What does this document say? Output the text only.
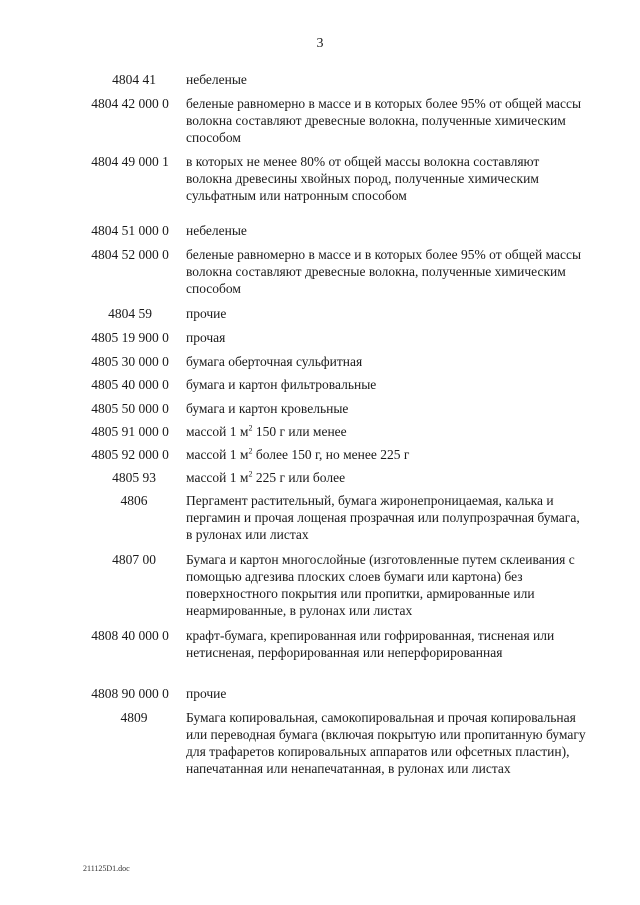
3
4804 41	небеленые
4804 42 000 0	беленые равномерно в массе и в которых более 95% от общей массы волокна составляют древесные волокна, полученные химическим способом
4804 49 000 1	в которых не менее 80% от общей массы волокна составляют волокна древесины хвойных пород, полученные химическим сульфатным или натронным способом
4804 51 000 0	небеленые
4804 52 000 0	беленые равномерно в массе и в которых более 95% от общей массы волокна составляют древесные волокна, полученные химическим способом
4804 59	прочие
4805 19 900 0	прочая
4805 30 000 0	бумага оберточная сульфитная
4805 40 000 0	бумага и картон фильтровальные
4805 50 000 0	бумага и картон кровельные
4805 91 000 0	массой 1 $м^2$ 150 г или менее
4805 92 000 0	массой 1 $м^2$ более 150 г, но менее 225 г
4805 93	массой 1 $м^2$ 225 г или более
4806	Пергамент растительный, бумага жиронепроницаемая, калька и пергамин и прочая лощеная прозрачная или полупрозрачная бумага, в рулонах или листах
4807 00	Бумага и картон многослойные (изготовленные путем склеивания с помощью адгезива плоских слоев бумаги или картона) без поверхностного покрытия или пропитки, армированные или неармированные, в рулонах или листах
4808 40 000 0	крафт-бумага, крепированная или гофрированная, тисненая или нетисненая, перфорированная или неперфорированная
4808 90 000 0	прочие
4809	Бумага копировальная, самокопировальная и прочая копировальная или переводная бумага (включая покрытую или пропитанную бумагу для трафаретов копировальных аппаратов или офсетных пластин), напечатанная или ненапечатанная, в рулонах или листах
211125D1.doc
